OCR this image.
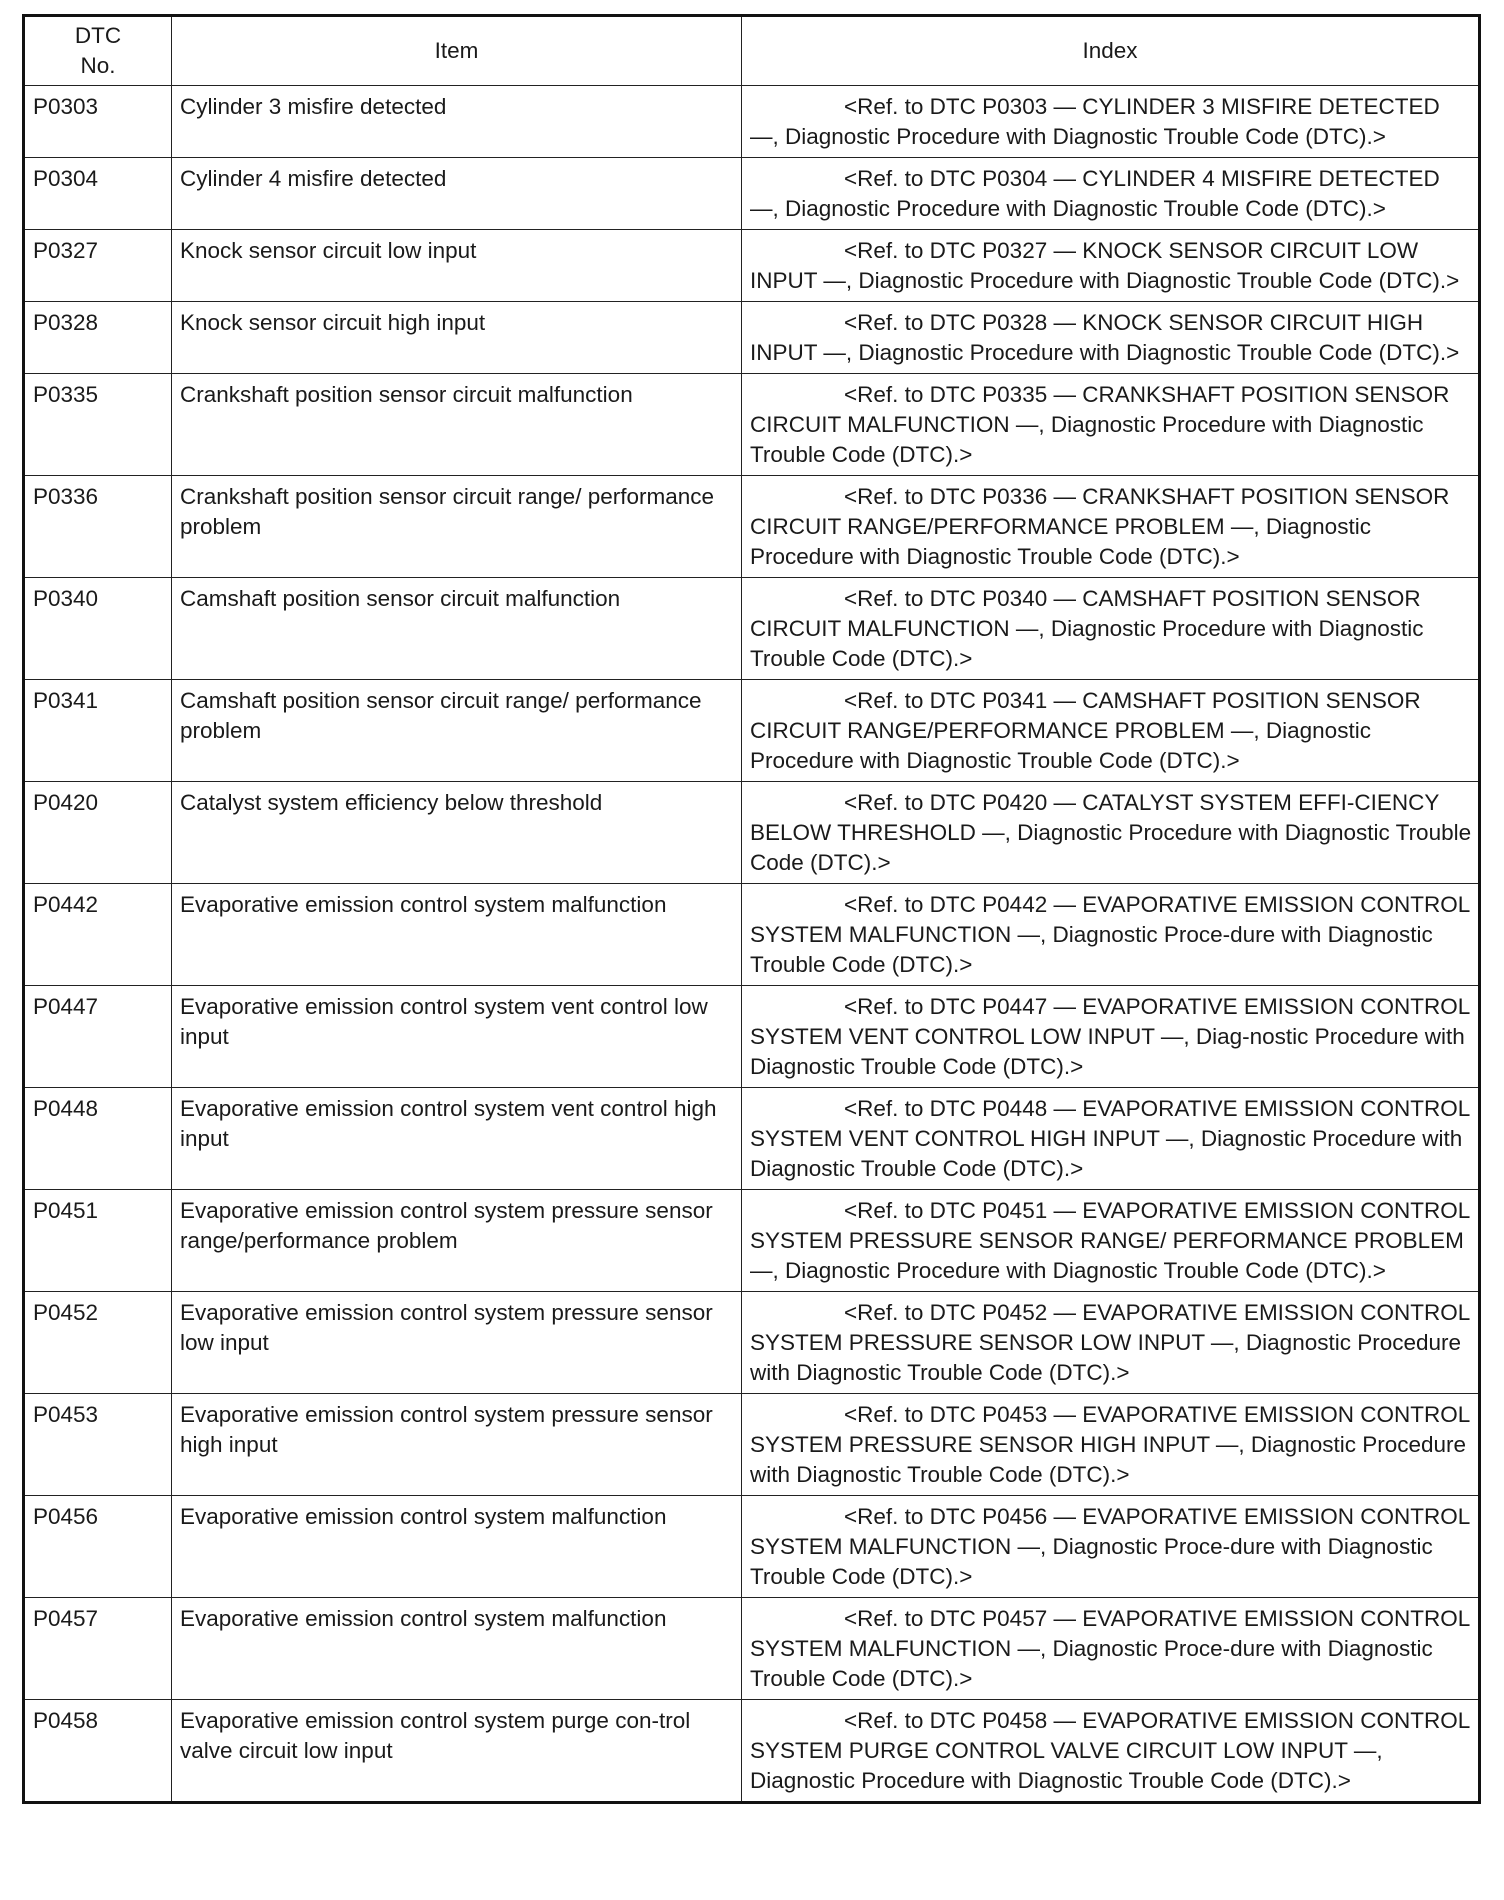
DTC
No.	Item	Index
P0303	Cylinder 3 misfire detected	<Ref. to DTC P0303 — CYLINDER 3 MISFIRE DETECTED —, Diagnostic Procedure with Diagnostic Trouble Code (DTC).>
P0304	Cylinder 4 misfire detected	<Ref. to DTC P0304 — CYLINDER 4 MISFIRE DETECTED —, Diagnostic Procedure with Diagnostic Trouble Code (DTC).>
P0327	Knock sensor circuit low input	<Ref. to DTC P0327 — KNOCK SENSOR CIRCUIT LOW INPUT —, Diagnostic Procedure with Diagnostic Trouble Code (DTC).>
P0328	Knock sensor circuit high input	<Ref. to DTC P0328 — KNOCK SENSOR CIRCUIT HIGH INPUT —, Diagnostic Procedure with Diagnostic Trouble Code (DTC).>
P0335	Crankshaft position sensor circuit malfunction	<Ref. to DTC P0335 — CRANKSHAFT POSITION SENSOR CIRCUIT MALFUNCTION —, Diagnostic Procedure with Diagnostic Trouble Code (DTC).>
P0336	Crankshaft position sensor circuit range/ performance problem	<Ref. to DTC P0336 — CRANKSHAFT POSITION SENSOR CIRCUIT RANGE/PERFORMANCE PROBLEM —, Diagnostic Procedure with Diagnostic Trouble Code (DTC).>
P0340	Camshaft position sensor circuit malfunction	<Ref. to DTC P0340 — CAMSHAFT POSITION SENSOR CIRCUIT MALFUNCTION —, Diagnostic Procedure with Diagnostic Trouble Code (DTC).>
P0341	Camshaft position sensor circuit range/ performance problem	<Ref. to DTC P0341 — CAMSHAFT POSITION SENSOR CIRCUIT RANGE/PERFORMANCE PROBLEM —, Diagnostic Procedure with Diagnostic Trouble Code (DTC).>
P0420	Catalyst system efficiency below threshold	<Ref. to DTC P0420 — CATALYST SYSTEM EFFI-CIENCY BELOW THRESHOLD —, Diagnostic Procedure with Diagnostic Trouble Code (DTC).>
P0442	Evaporative emission control system malfunction	<Ref. to DTC P0442 — EVAPORATIVE EMISSION CONTROL SYSTEM MALFUNCTION —, Diagnostic Proce-dure with Diagnostic Trouble Code (DTC).>
P0447	Evaporative emission control system vent control low input	<Ref. to DTC P0447 — EVAPORATIVE EMISSION CONTROL SYSTEM VENT CONTROL LOW INPUT —, Diag-nostic Procedure with Diagnostic Trouble Code (DTC).>
P0448	Evaporative emission control system vent control high input	<Ref. to DTC P0448 — EVAPORATIVE EMISSION CONTROL SYSTEM VENT CONTROL HIGH INPUT —, Diagnostic Procedure with Diagnostic Trouble Code (DTC).>
P0451	Evaporative emission control system pressure sensor range/performance problem	<Ref. to DTC P0451 — EVAPORATIVE EMISSION CONTROL SYSTEM PRESSURE SENSOR RANGE/ PERFORMANCE PROBLEM —, Diagnostic Procedure with Diagnostic Trouble Code (DTC).>
P0452	Evaporative emission control system pressure sensor low input	<Ref. to DTC P0452 — EVAPORATIVE EMISSION CONTROL SYSTEM PRESSURE SENSOR LOW INPUT —, Diagnostic Procedure with Diagnostic Trouble Code (DTC).>
P0453	Evaporative emission control system pressure sensor high input	<Ref. to DTC P0453 — EVAPORATIVE EMISSION CONTROL SYSTEM PRESSURE SENSOR HIGH INPUT —, Diagnostic Procedure with Diagnostic Trouble Code (DTC).>
P0456	Evaporative emission control system malfunction	<Ref. to DTC P0456 — EVAPORATIVE EMISSION CONTROL SYSTEM MALFUNCTION —, Diagnostic Proce-dure with Diagnostic Trouble Code (DTC).>
P0457	Evaporative emission control system malfunction	<Ref. to DTC P0457 — EVAPORATIVE EMISSION CONTROL SYSTEM MALFUNCTION —, Diagnostic Proce-dure with Diagnostic Trouble Code (DTC).>
P0458	Evaporative emission control system purge con-trol valve circuit low input	<Ref. to DTC P0458 — EVAPORATIVE EMISSION CONTROL SYSTEM PURGE CONTROL VALVE CIRCUIT LOW INPUT —, Diagnostic Procedure with Diagnostic Trouble Code (DTC).>
